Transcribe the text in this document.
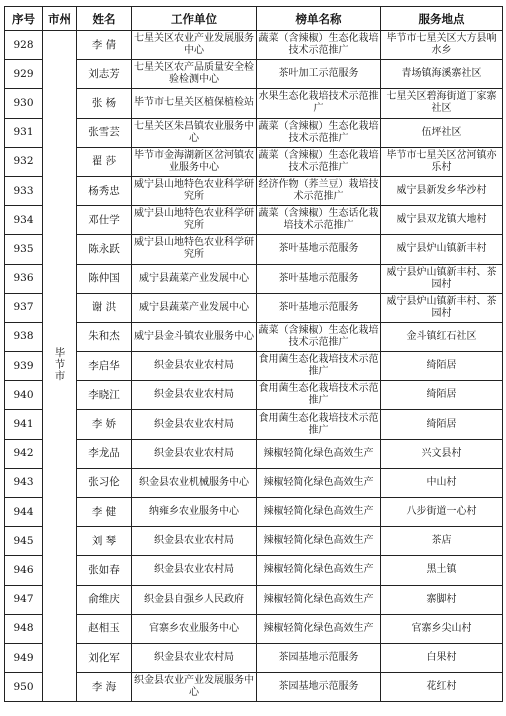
序号	市州	姓名	工作单位	榜单名称	服务地点
928	毕节市	李 倩	七星关区农业产业发展服务中心	蔬菜（含辣椒）生态化栽培技术示范推广	毕节市七星关区大方县响水乡
929		刘志芳	七星关区农产品质量安全检验检测中心	茶叶加工示范服务	青场镇海溪寨社区
930		张 杨	毕节市七星关区植保植检站	水果生态化栽培技术示范推广	七星关区碧海街道丁家寨社区
931		张雪芸	七星关区朱昌镇农业服务中心	蔬菜（含辣椒）生态化栽培技术示范推广	伍坪社区
932		翟 莎	毕节市金海湖新区岔河镇农业服务中心	蔬菜（含辣椒）生态化栽培技术示范推广	毕节市七星关区岔河镇亦乐村
933		杨秀忠	威宁县山地特色农业科学研究所	经济作物（荞兰豆）栽培技术示范推广	威宁县新发乡华沙村
934		邓仕学	威宁县山地特色农业科学研究所	蔬菜（含辣椒）生态话化栽培技术示范推广	威宁县双龙镇大地村
935		陈永跃	威宁县山地特色农业科学研究所	茶叶基地示范服务	威宁县炉山镇新丰村
936		陈仲国	威宁县蔬菜产业发展中心	茶叶基地示范服务	威宁县炉山镇新丰村、茶园村
937		谢 洪	威宁县蔬菜产业发展中心	茶叶基地示范服务	威宁县炉山镇新丰村、茶园村
938		朱和杰	威宁县金斗镇农业服务中心	蔬菜（含辣椒）生态化栽培技术示范推广	金斗镇红石社区
939		李启华	织金县农业农村局	食用菌生态化栽培技术示范推广	绮陌居
940		李晓江	织金县农业农村局	食用菌生态化栽培技术示范推广	绮陌居
941		李 娇	织金县农业农村局	食用菌生态化栽培技术示范推广	绮陌居
942		李龙品	织金县农业农村局	辣椒轻简化绿色高效生产	兴文县村
943		张习伦	织金县农业机械服务中心	辣椒轻简化绿色高效生产	中山村
944		李 健	纳雍乡农业服务中心	辣椒轻简化绿色高效生产	八步街道一心村
945		刘 琴	织金县农业农村局	辣椒轻简化绿色高效生产	茶店
946		张如春	织金县农业农村局	辣椒轻简化绿色高效生产	黑土镇
947		俞维庆	织金县自强乡人民政府	辣椒轻简化绿色高效生产	寨脚村
948		赵相玉	官寨乡农业服务中心	辣椒轻简化绿色高效生产	官寨乡尖山村
949		刘化军	织金县农业农村局	茶园基地示范服务	白果村
950		李 海	织金县农业产业发展服务中心	茶园基地示范服务	花红村
